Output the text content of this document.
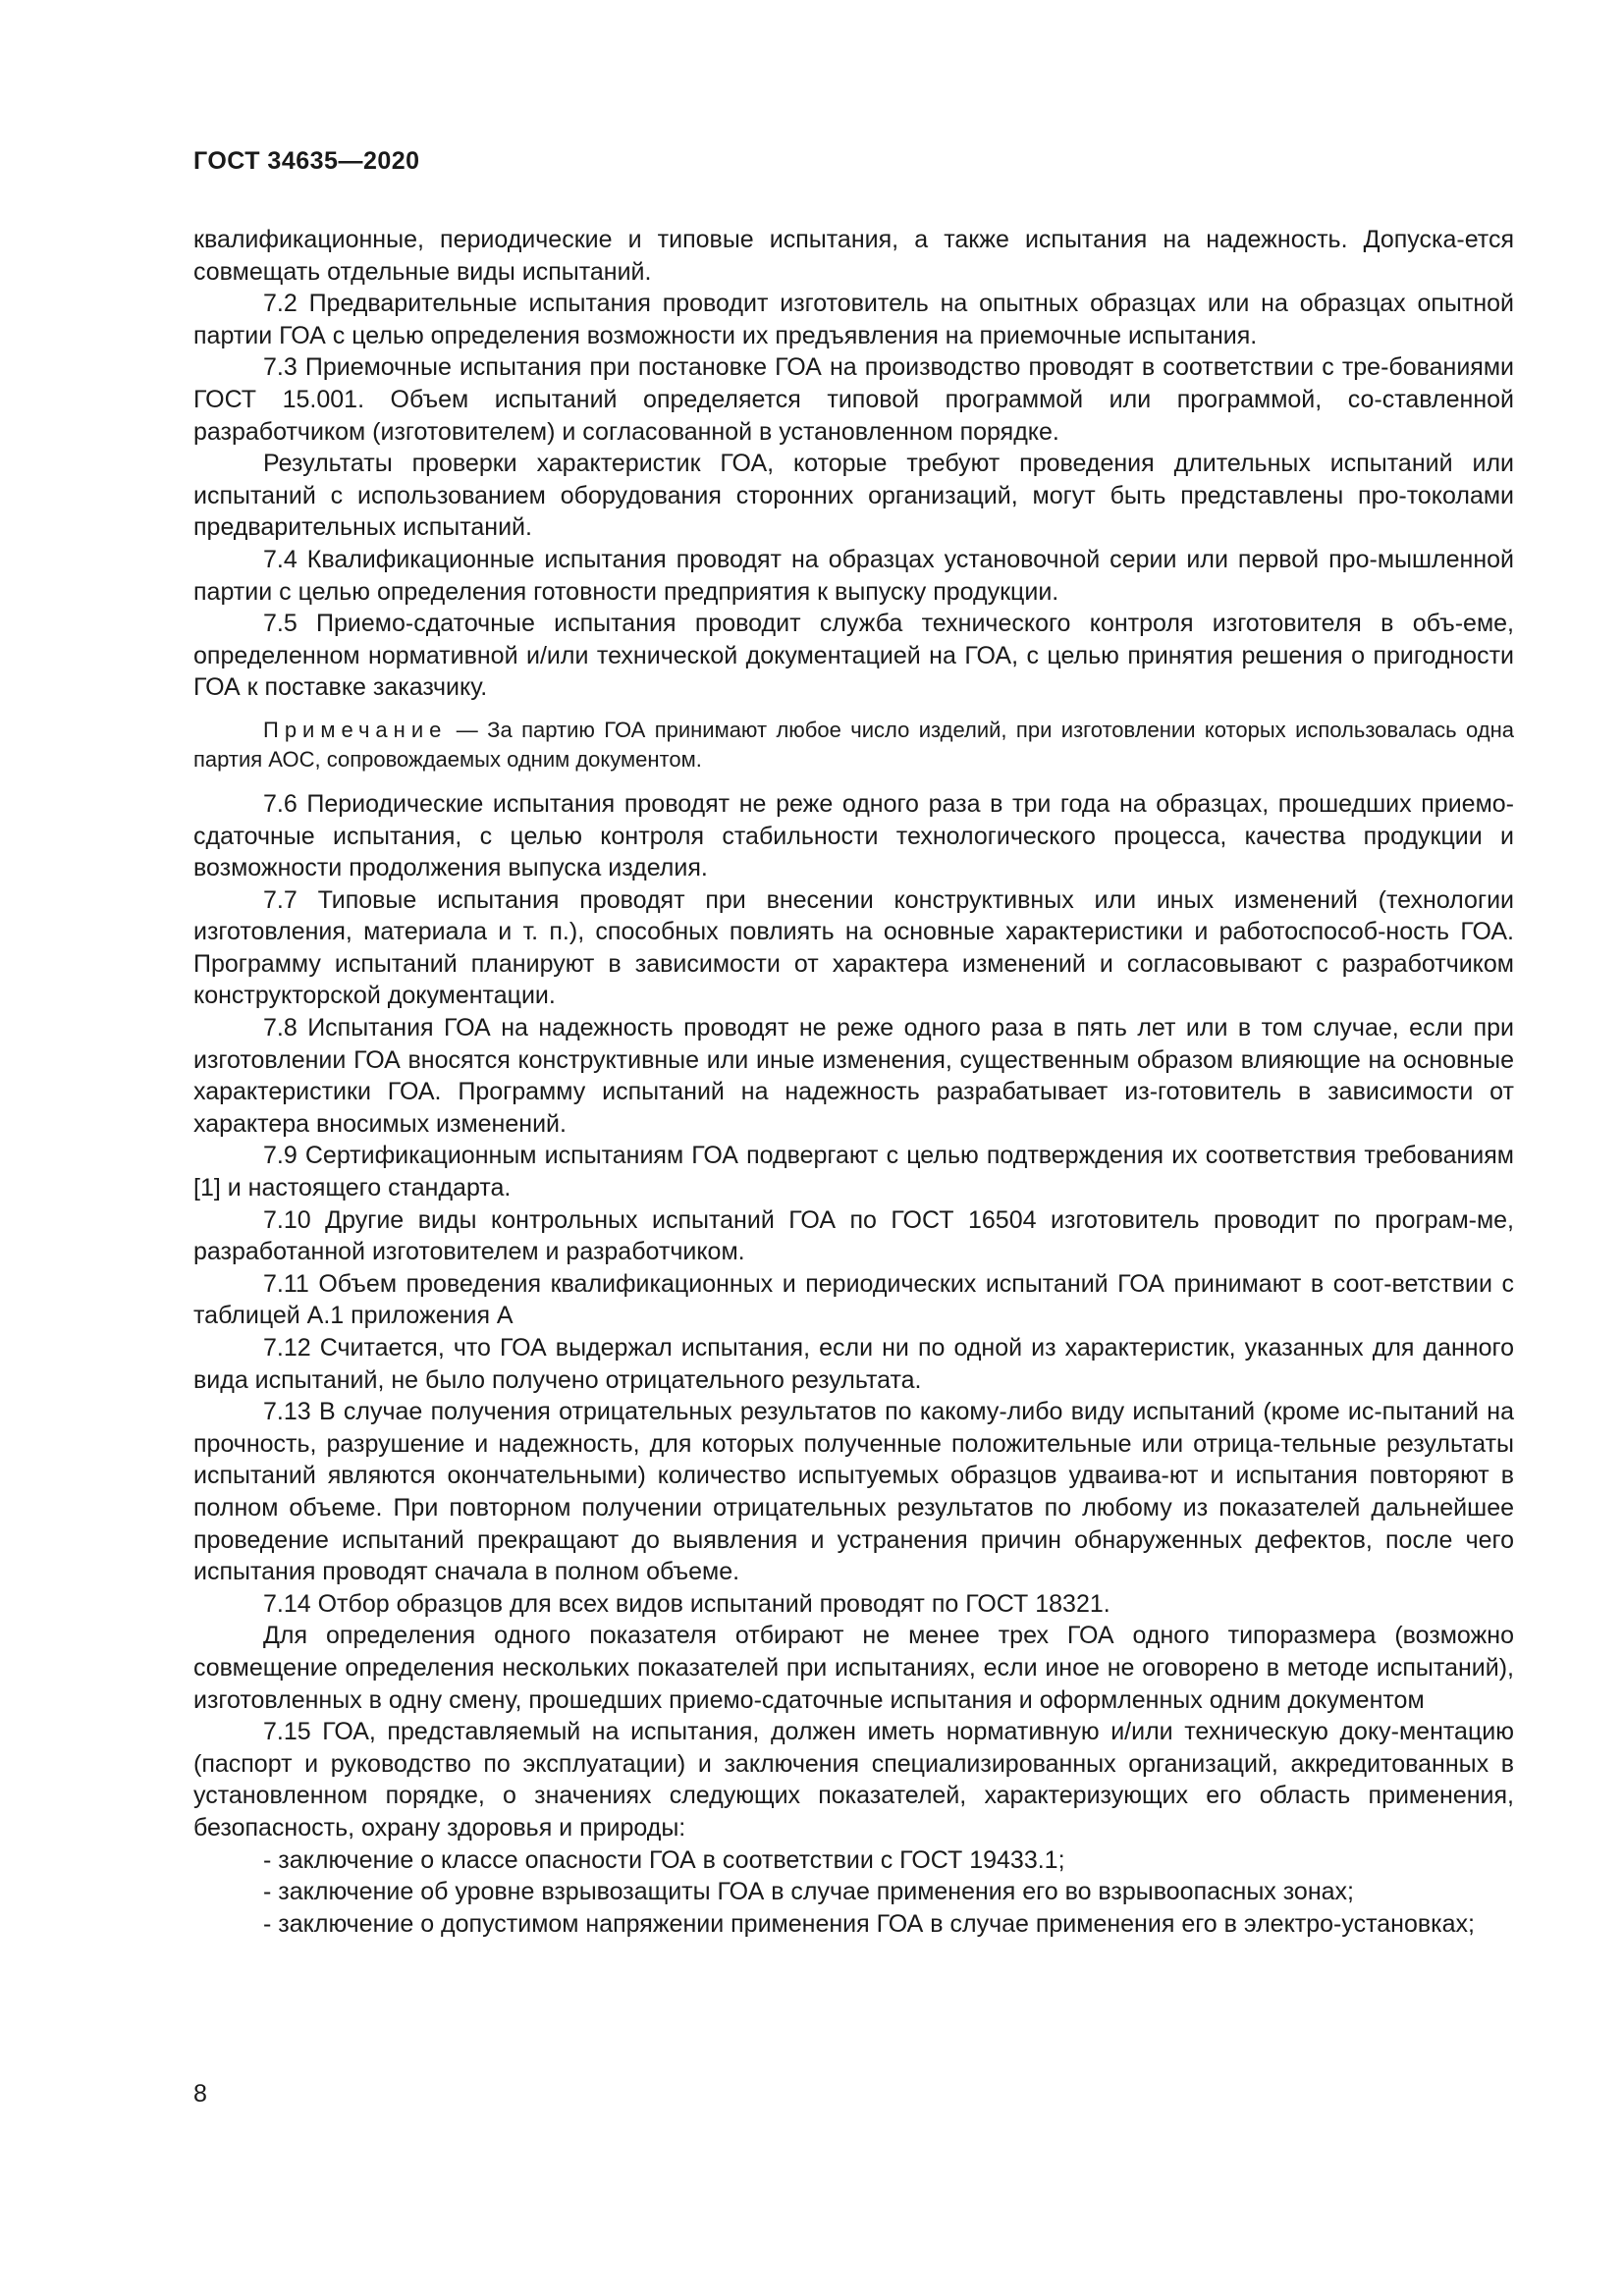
ГОСТ 34635—2020

квалификационные, периодические и типовые испытания, а также испытания на надежность. Допуска-ется совмещать отдельные виды испытаний.

7.2 Предварительные испытания проводит изготовитель на опытных образцах или на образцах опытной партии ГОА с целью определения возможности их предъявления на приемочные испытания.

7.3 Приемочные испытания при постановке ГОА на производство проводят в соответствии с тре-бованиями ГОСТ 15.001. Объем испытаний определяется типовой программой или программой, со-ставленной разработчиком (изготовителем) и согласованной в установленном порядке.

Результаты проверки характеристик ГОА, которые требуют проведения длительных испытаний или испытаний с использованием оборудования сторонних организаций, могут быть представлены про-токолами предварительных испытаний.

7.4 Квалификационные испытания проводят на образцах установочной серии или первой про-мышленной партии с целью определения готовности предприятия к выпуску продукции.

7.5 Приемо-сдаточные испытания проводит служба технического контроля изготовителя в объ-еме, определенном нормативной и/или технической документацией на ГОА, с целью принятия решения о пригодности ГОА к поставке заказчику.

Примечание — За партию ГОА принимают любое число изделий, при изготовлении которых использовалась одна партия АОС, сопровождаемых одним документом.

7.6 Периодические испытания проводят не реже одного раза в три года на образцах, прошедших приемо-сдаточные испытания, с целью контроля стабильности технологического процесса, качества продукции и возможности продолжения выпуска изделия.

7.7 Типовые испытания проводят при внесении конструктивных или иных изменений (технологии изготовления, материала и т. п.), способных повлиять на основные характеристики и работоспособ-ность ГОА. Программу испытаний планируют в зависимости от характера изменений и согласовывают с разработчиком конструкторской документации.

7.8 Испытания ГОА на надежность проводят не реже одного раза в пять лет или в том случае, если при изготовлении ГОА вносятся конструктивные или иные изменения, существенным образом влияющие на основные характеристики ГОА. Программу испытаний на надежность разрабатывает из-готовитель в зависимости от характера вносимых изменений.

7.9 Сертификационным испытаниям ГОА подвергают с целью подтверждения их соответствия требованиям [1] и настоящего стандарта.

7.10 Другие виды контрольных испытаний ГОА по ГОСТ 16504 изготовитель проводит по програм-ме, разработанной изготовителем и разработчиком.

7.11 Объем проведения квалификационных и периодических испытаний ГОА принимают в соот-ветствии с таблицей А.1 приложения А

7.12 Считается, что ГОА выдержал испытания, если ни по одной из характеристик, указанных для данного вида испытаний, не было получено отрицательного результата.

7.13 В случае получения отрицательных результатов по какому-либо виду испытаний (кроме ис-пытаний на прочность, разрушение и надежность, для которых полученные положительные или отрица-тельные результаты испытаний являются окончательными) количество испытуемых образцов удваива-ют и испытания повторяют в полном объеме. При повторном получении отрицательных результатов по любому из показателей дальнейшее проведение испытаний прекращают до выявления и устранения причин обнаруженных дефектов, после чего испытания проводят сначала в полном объеме.

7.14 Отбор образцов для всех видов испытаний проводят по ГОСТ 18321.

Для определения одного показателя отбирают не менее трех ГОА одного типоразмера (возможно совмещение определения нескольких показателей при испытаниях, если иное не оговорено в методе испытаний), изготовленных в одну смену, прошедших приемо-сдаточные испытания и оформленных одним документом

7.15 ГОА, представляемый на испытания, должен иметь нормативную и/или техническую доку-ментацию (паспорт и руководство по эксплуатации) и заключения специализированных организаций, аккредитованных в установленном порядке, о значениях следующих показателей, характеризующих его область применения, безопасность, охрану здоровья и природы:

- заключение о классе опасности ГОА в соответствии с ГОСТ 19433.1;

- заключение об уровне взрывозащиты ГОА в случае применения его во взрывоопасных зонах;

- заключение о допустимом напряжении применения ГОА в случае применения его в электро-установках;

8
